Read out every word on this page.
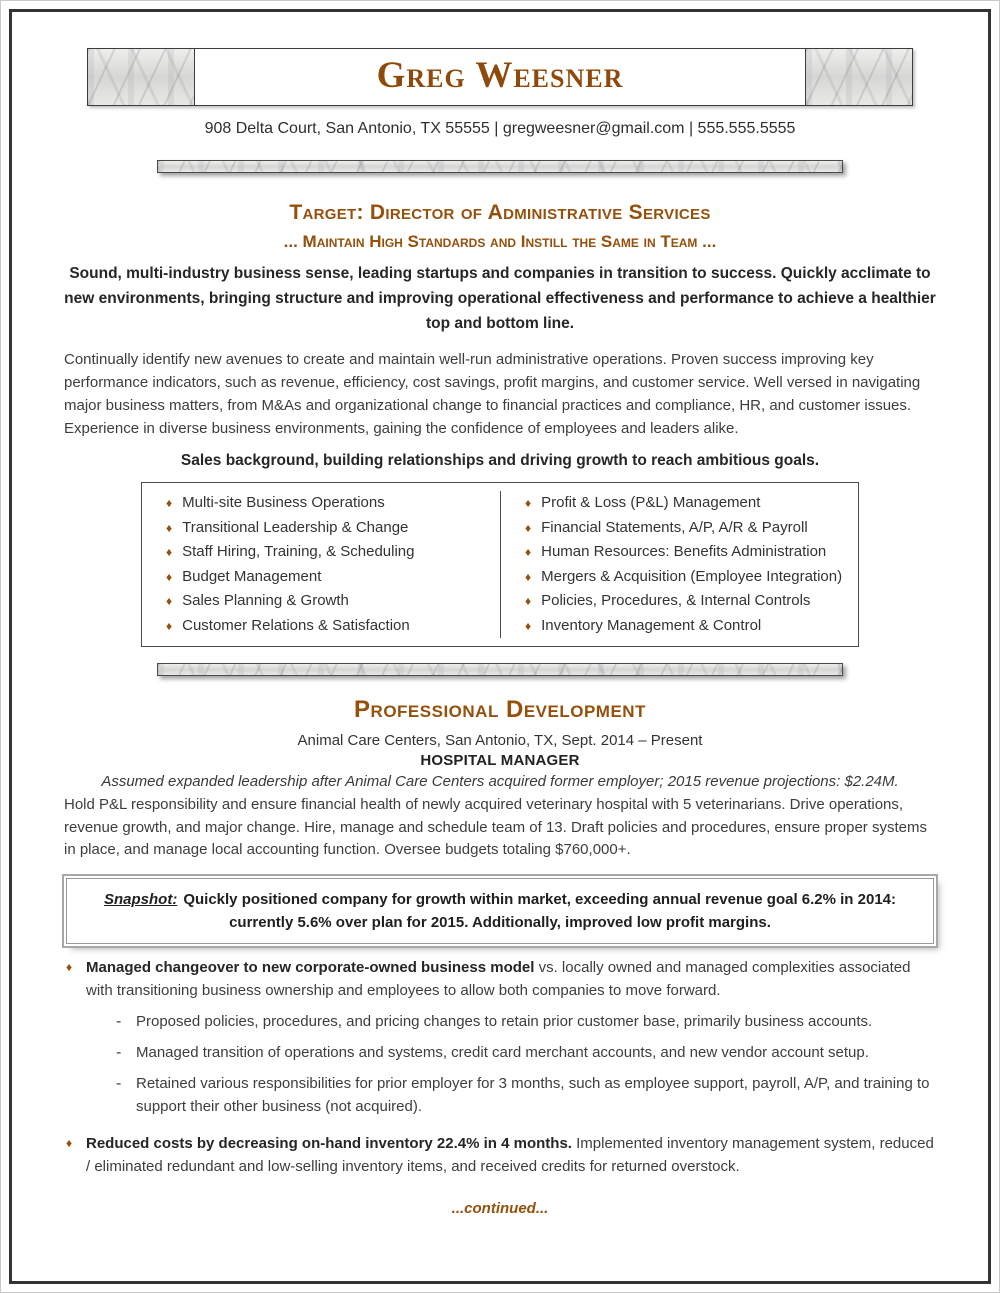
Greg Weesner
908 Delta Court, San Antonio, TX 55555 | gregweesner@gmail.com | 555.555.5555
Target: Director of Administrative Services
... Maintain High Standards and Instill the Same in Team ...

Sound, multi-industry business sense, leading startups and companies in transition to success. Quickly acclimate to new environments, bringing structure and improving operational effectiveness and performance to achieve a healthier top and bottom line.

Continually identify new avenues to create and maintain well-run administrative operations. Proven success improving key performance indicators, such as revenue, efficiency, cost savings, profit margins, and customer service. Well versed in navigating major business matters, from M&As and organizational change to financial practices and compliance, HR, and customer issues. Experience in diverse business environments, gaining the confidence of employees and leaders alike.

Sales background, building relationships and driving growth to reach ambitious goals.

♦ Multi-site Business Operations
♦ Transitional Leadership & Change
♦ Staff Hiring, Training, & Scheduling
♦ Budget Management
♦ Sales Planning & Growth
♦ Customer Relations & Satisfaction
♦ Profit & Loss (P&L) Management
♦ Financial Statements, A/P, A/R & Payroll
♦ Human Resources: Benefits Administration
♦ Mergers & Acquisition (Employee Integration)
♦ Policies, Procedures, & Internal Controls
♦ Inventory Management & Control
Professional Development
Animal Care Centers, San Antonio, TX, Sept. 2014 – Present
HOSPITAL MANAGER
Assumed expanded leadership after Animal Care Centers acquired former employer; 2015 revenue projections: $2.24M.

Hold P&L responsibility and ensure financial health of newly acquired veterinary hospital with 5 veterinarians. Drive operations, revenue growth, and major change. Hire, manage and schedule team of 13. Draft policies and procedures, ensure proper systems in place, and manage local accounting function. Oversee budgets totaling $760,000+.

Snapshot: Quickly positioned company for growth within market, exceeding annual revenue goal 6.2% in 2014: currently 5.6% over plan for 2015. Additionally, improved low profit margins.
♦ Managed changeover to new corporate-owned business model vs. locally owned and managed complexities associated with transitioning business ownership and employees to allow both companies to move forward.

- Proposed policies, procedures, and pricing changes to retain prior customer base, primarily business accounts.

- Managed transition of operations and systems, credit card merchant accounts, and new vendor account setup.

- Retained various responsibilities for prior employer for 3 months, such as employee support, payroll, A/P, and training to support their other business (not acquired).

♦ Reduced costs by decreasing on-hand inventory 22.4% in 4 months. Implemented inventory management system, reduced / eliminated redundant and low-selling inventory items, and received credits for returned overstock.

...continued...
